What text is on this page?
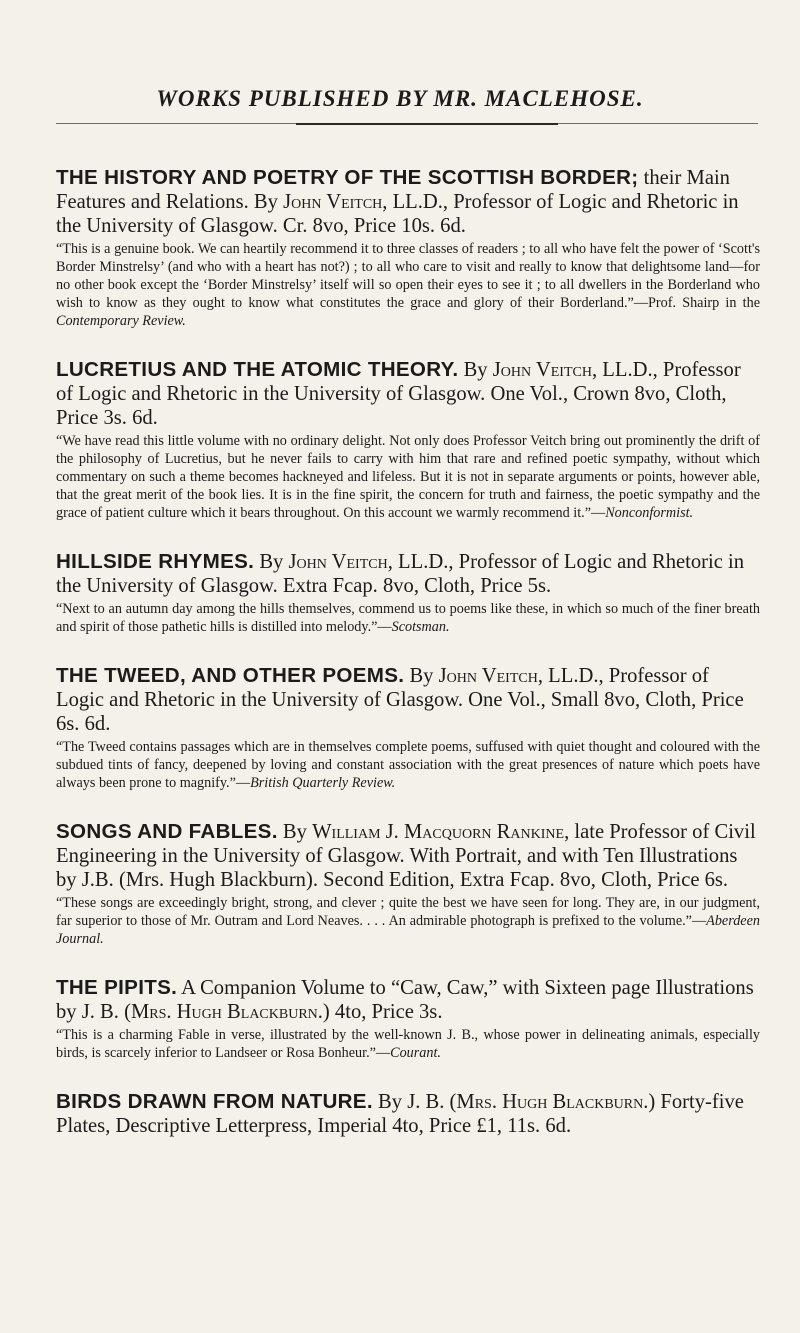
WORKS PUBLISHED BY MR. MACLEHOSE.

THE HISTORY AND POETRY OF THE SCOTTISH BORDER; their Main Features and Relations. By John Veitch, LL.D., Professor of Logic and Rhetoric in the University of Glasgow. Cr. 8vo, Price 10s. 6d.

“This is a genuine book. We can heartily recommend it to three classes of readers ; to all who have felt the power of ‘Scott's Border Minstrelsy’ (and who with a heart has not?) ; to all who care to visit and really to know that delightsome land—for no other book except the ‘Border Minstrelsy’ itself will so open their eyes to see it ; to all dwellers in the Borderland who wish to know as they ought to know what constitutes the grace and glory of their Borderland.”—Prof. Shairp in the Contemporary Review.

LUCRETIUS AND THE ATOMIC THEORY. By John Veitch, LL.D., Professor of Logic and Rhetoric in the University of Glasgow. One Vol., Crown 8vo, Cloth, Price 3s. 6d.

“We have read this little volume with no ordinary delight. Not only does Professor Veitch bring out prominently the drift of the philosophy of Lucretius, but he never fails to carry with him that rare and refined poetic sympathy, without which commentary on such a theme becomes hackneyed and lifeless. But it is not in separate arguments or points, however able, that the great merit of the book lies. It is in the fine spirit, the concern for truth and fairness, the poetic sympathy and the grace of patient culture which it bears throughout. On this account we warmly recommend it.”—Nonconformist.

HILLSIDE RHYMES. By John Veitch, LL.D., Professor of Logic and Rhetoric in the University of Glasgow. Extra Fcap. 8vo, Cloth, Price 5s.

“Next to an autumn day among the hills themselves, commend us to poems like these, in which so much of the finer breath and spirit of those pathetic hills is distilled into melody.”—Scotsman.

THE TWEED, AND OTHER POEMS. By John Veitch, LL.D., Professor of Logic and Rhetoric in the University of Glasgow. One Vol., Small 8vo, Cloth, Price 6s. 6d.

“The Tweed contains passages which are in themselves complete poems, suffused with quiet thought and coloured with the subdued tints of fancy, deepened by loving and constant association with the great presences of nature which poets have always been prone to magnify.”—British Quarterly Review.

SONGS AND FABLES. By William J. Macquorn Rankine, late Professor of Civil Engineering in the University of Glasgow. With Portrait, and with Ten Illustrations by J.B. (Mrs. Hugh Blackburn). Second Edition, Extra Fcap. 8vo, Cloth, Price 6s.

“These songs are exceedingly bright, strong, and clever ; quite the best we have seen for long. They are, in our judgment, far superior to those of Mr. Outram and Lord Neaves. . . . An admirable photograph is prefixed to the volume.”—Aberdeen Journal.

THE PIPITS. A Companion Volume to “Caw, Caw,” with Sixteen page Illustrations by J. B. (Mrs. Hugh Blackburn.) 4to, Price 3s.

“This is a charming Fable in verse, illustrated by the well-known J. B., whose power in delineating animals, especially birds, is scarcely inferior to Landseer or Rosa Bonheur.”—Courant.

BIRDS DRAWN FROM NATURE. By J. B. (Mrs. Hugh Blackburn.) Forty-five Plates, Descriptive Letterpress, Imperial 4to, Price £1, 11s. 6d.
